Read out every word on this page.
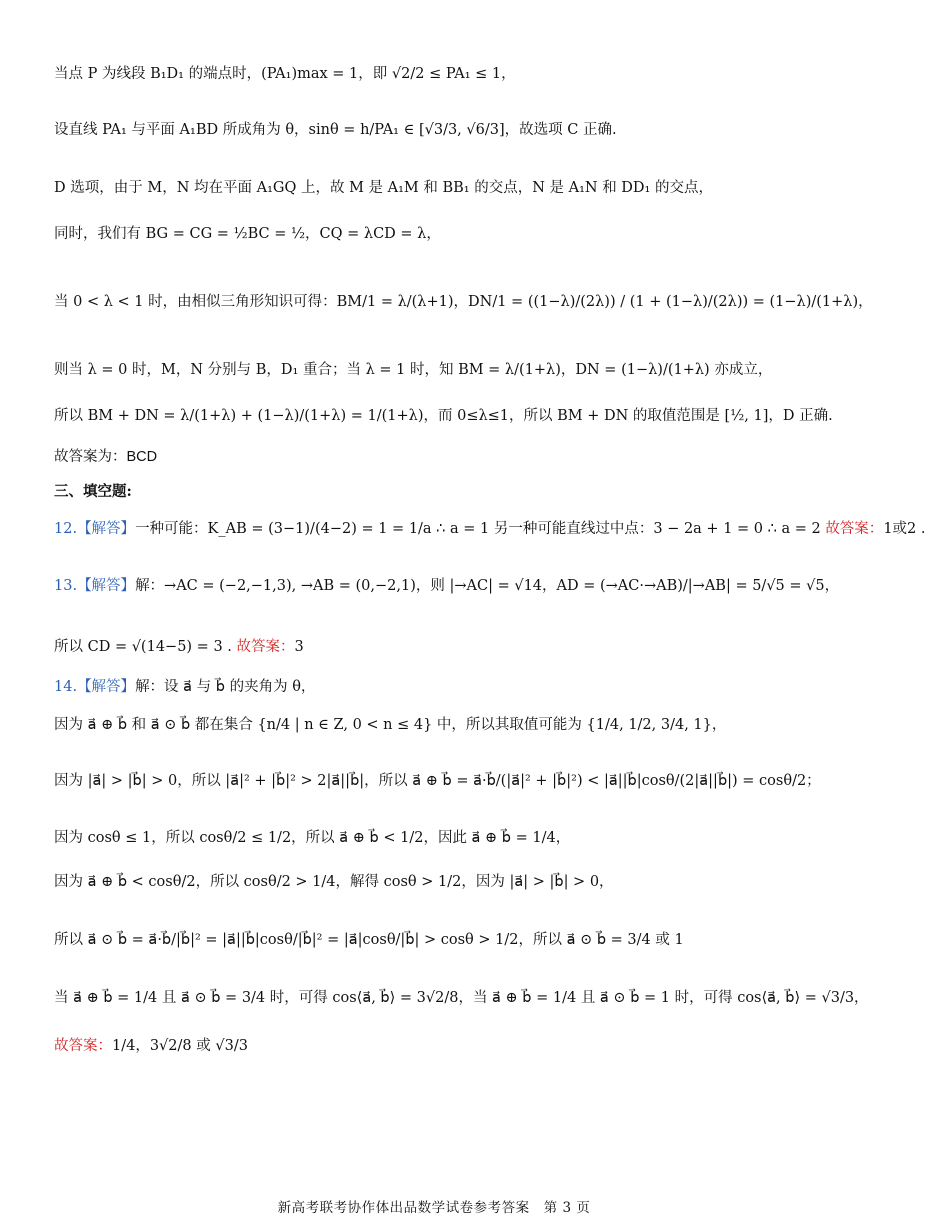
当点 P 为线段 B₁D₁ 的端点时，(PA₁)max = 1，即 √2/2 ≤ PA₁ ≤ 1，
设直线 PA₁ 与平面 A₁BD 所成角为 θ，sinθ = h/PA₁ ∈ [√3/3, √6/3]，故选项 C 正确.
D 选项，由于 M，N 均在平面 A₁GQ 上，故 M 是 A₁M 和 BB₁ 的交点，N 是 A₁N 和 DD₁ 的交点，
同时，我们有 BG = CG = ½BC = ½，CQ = λCD = λ，
当 0 < λ < 1 时，由相似三角形知识可得：BM/1 = λ/(λ+1)，DN/1 = ((1−λ)/(2λ)) / (1 + (1−λ)/(2λ)) = (1−λ)/(1+λ)，
则当 λ = 0 时，M，N 分别与 B，D₁ 重合；当 λ = 1 时，知 BM = λ/(1+λ)，DN = (1−λ)/(1+λ) 亦成立，
所以 BM + DN = λ/(1+λ) + (1−λ)/(1+λ) = 1/(1+λ)，而 0≤λ≤1，所以 BM + DN 的取值范围是 [½, 1]，D 正确.
故答案为：BCD
三、填空题:
12.【解答】一种可能：K_AB = (3−1)/(4−2) = 1 = 1/a ∴ a = 1 另一种可能直线过中点：3 − 2a + 1 = 0 ∴ a = 2 故答案：1或2 .
13.【解答】解：→AC = (−2,−1,3), →AB = (0,−2,1)，则 |→AC| = √14，AD = (→AC·→AB)/|→AB| = 5/√5 = √5，
所以 CD = √(14−5) = 3 . 故答案：3
14.【解答】解：设 a⃗ 与 b⃗ 的夹角为 θ，
因为 a⃗ ⊕ b⃗ 和 a⃗ ⊙ b⃗ 都在集合 {n/4 | n ∈ Z, 0 < n ≤ 4} 中，所以其取值可能为 {1/4, 1/2, 3/4, 1}，
因为 |a⃗| > |b⃗| > 0，所以 |a⃗|² + |b⃗|² > 2|a⃗||b⃗|，所以 a⃗ ⊕ b⃗ = a⃗·b⃗/(|a⃗|² + |b⃗|²) < |a⃗||b⃗|cosθ/(2|a⃗||b⃗|) = cosθ/2；
因为 cosθ ≤ 1，所以 cosθ/2 ≤ 1/2，所以 a⃗ ⊕ b⃗ < 1/2，因此 a⃗ ⊕ b⃗ = 1/4，
因为 a⃗ ⊕ b⃗ < cosθ/2，所以 cosθ/2 > 1/4，解得 cosθ > 1/2，因为 |a⃗| > |b⃗| > 0，
所以 a⃗ ⊙ b⃗ = a⃗·b⃗/|b⃗|² = |a⃗||b⃗|cosθ/|b⃗|² = |a⃗|cosθ/|b⃗| > cosθ > 1/2，所以 a⃗ ⊙ b⃗ = 3/4 或 1
当 a⃗ ⊕ b⃗ = 1/4 且 a⃗ ⊙ b⃗ = 3/4 时，可得 cos⟨a⃗, b⃗⟩ = 3√2/8，当 a⃗ ⊕ b⃗ = 1/4 且 a⃗ ⊙ b⃗ = 1 时，可得 cos⟨a⃗, b⃗⟩ = √3/3，
故答案：1/4，3√2/8 或 √3/3
新高考联考协作体出品数学试卷参考答案　第 3 页
